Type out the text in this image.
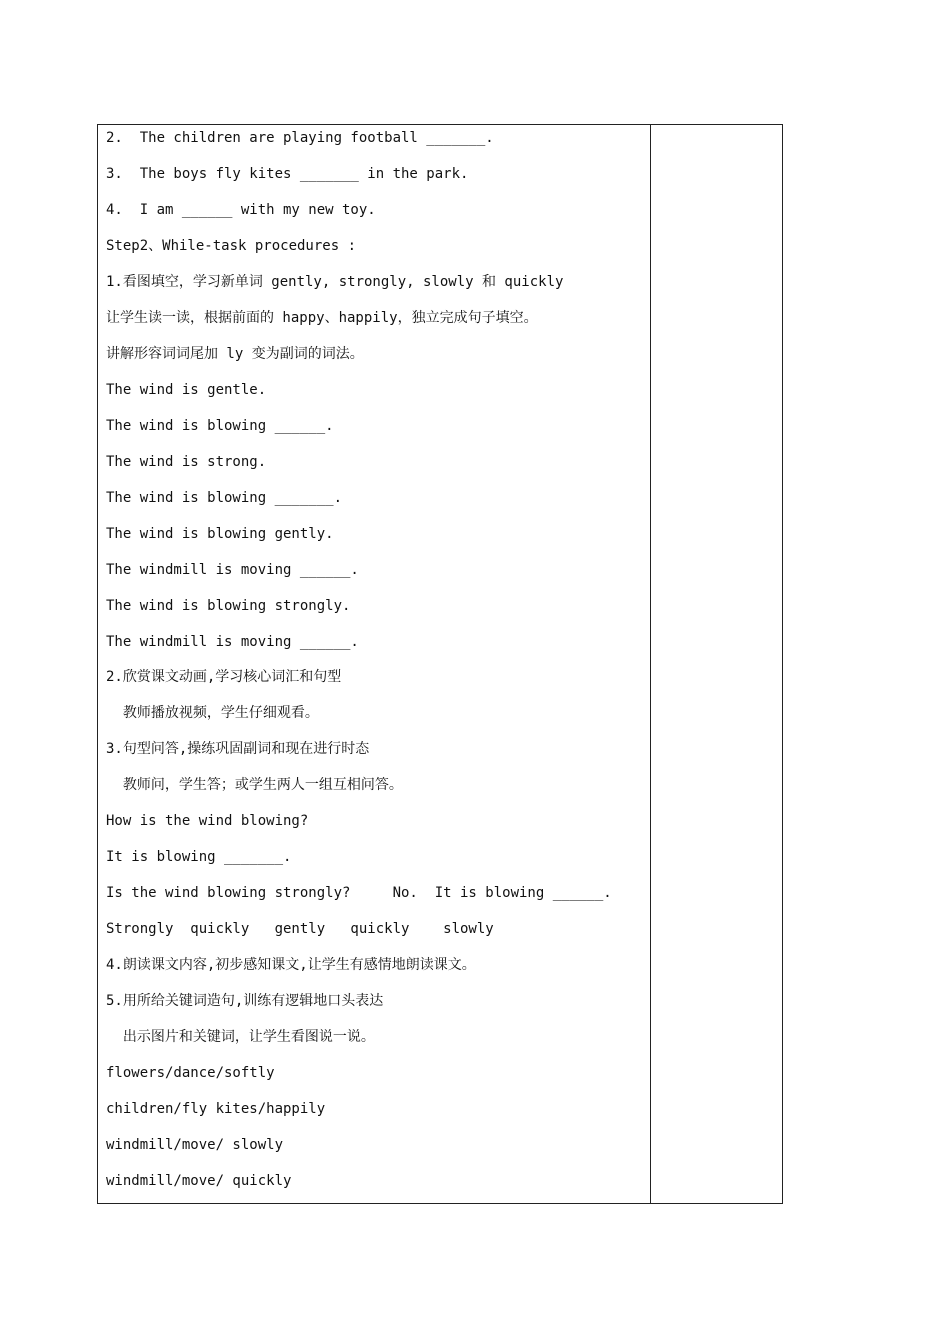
2.  The children are playing football _______.
3.  The boys fly kites _______ in the park.
4.  I am ______ with my new toy.
Step2、While-task procedures :
1.看图填空，学习新单词 gently, strongly, slowly 和 quickly
让学生读一读，根据前面的 happy、happily，独立完成句子填空。
讲解形容词词尾加 ly 变为副词的词法。
The wind is gentle.
The wind is blowing ______.
The wind is strong.
The wind is blowing _______.
The wind is blowing gently.
The windmill is moving ______.
The wind is blowing strongly.
The windmill is moving ______.
2.欣赏课文动画,学习核心词汇和句型
教师播放视频，学生仔细观看。
3.句型问答,操练巩固副词和现在进行时态
教师问，学生答；或学生两人一组互相问答。
How is the wind blowing?
It is blowing _______.
Is the wind blowing strongly?     No.  It is blowing ______.
Strongly  quickly   gently   quickly    slowly
4.朗读课文内容,初步感知课文,让学生有感情地朗读课文。
5.用所给关键词造句,训练有逻辑地口头表达
出示图片和关键词，让学生看图说一说。
flowers/dance/softly
children/fly kites/happily
windmill/move/ slowly
windmill/move/ quickly
